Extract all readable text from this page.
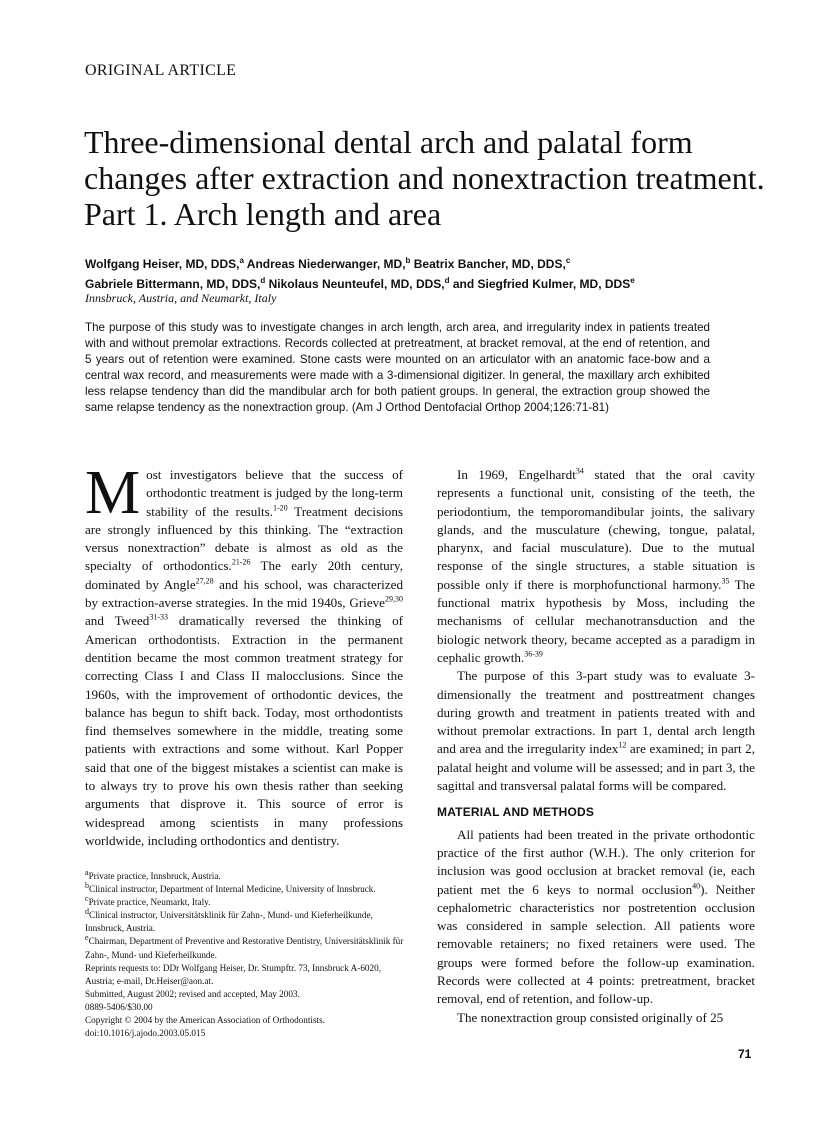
ORIGINAL ARTICLE
Three-dimensional dental arch and palatal form changes after extraction and nonextraction treatment. Part 1. Arch length and area
Wolfgang Heiser, MD, DDS,$^a$ Andreas Niederwanger, MD,$^b$ Beatrix Bancher, MD, DDS,$^c$
Gabriele Bittermann, MD, DDS,$^d$ Nikolaus Neunteufel, MD, DDS,$^d$ and Siegfried Kulmer, MD, DDS$^e$
Innsbruck, Austria, and Neumarkt, Italy
The purpose of this study was to investigate changes in arch length, arch area, and irregularity index in patients treated with and without premolar extractions. Records collected at pretreatment, at bracket removal, at the end of retention, and 5 years out of retention were examined. Stone casts were mounted on an articulator with an anatomic face-bow and a central wax record, and measurements were made with a 3-dimensional digitizer. In general, the maxillary arch exhibited less relapse tendency than did the mandibular arch for both patient groups. In general, the extraction group showed the same relapse tendency as the nonextraction group. (Am J Orthod Dentofacial Orthop 2004;126:71-81)

Most investigators believe that the success of orthodontic treatment is judged by the long-term stability of the results.$^{1-20}$ Treatment decisions are strongly influenced by this thinking. The “extraction versus nonextraction” debate is almost as old as the specialty of orthodontics.$^{21-26}$ The early 20th century, dominated by Angle$^{27,28}$ and his school, was characterized by extraction-averse strategies. In the mid 1940s, Grieve$^{29,30}$ and Tweed$^{31-33}$ dramatically reversed the thinking of American orthodontists. Extraction in the permanent dentition became the most common treatment strategy for correcting Class I and Class II malocclusions. Since the 1960s, with the improvement of orthodontic devices, the balance has begun to shift back. Today, most orthodontists find themselves somewhere in the middle, treating some patients with extractions and some without. Karl Popper said that one of the biggest mistakes a scientist can make is to always try to prove his own thesis rather than seeking arguments that disprove it. This source of error is widespread among scientists in many professions worldwide, including orthodontics and dentistry.

In 1969, Engelhardt$^{34}$ stated that the oral cavity represents a functional unit, consisting of the teeth, the periodontium, the temporomandibular joints, the salivary glands, and the musculature (chewing, tongue, palatal, pharynx, and facial musculature). Due to the mutual response of the single structures, a stable situation is possible only if there is morphofunctional harmony.$^{35}$ The functional matrix hypothesis by Moss, including the mechanisms of cellular mechanotransduction and the biologic network theory, became accepted as a paradigm in cephalic growth.$^{36-39}$

The purpose of this 3-part study was to evaluate 3-dimensionally the treatment and posttreatment changes during growth and treatment in patients treated with and without premolar extractions. In part 1, dental arch length and area and the irregularity index$^{12}$ are examined; in part 2, palatal height and volume will be assessed; and in part 3, the sagittal and transversal palatal forms will be compared.

MATERIAL AND METHODS

All patients had been treated in the private orthodontic practice of the first author (W.H.). The only criterion for inclusion was good occlusion at bracket removal (ie, each patient met the 6 keys to normal occlusion$^{40}$). Neither cephalometric characteristics nor postretention occlusion was considered in sample selection. All patients wore removable retainers; no fixed retainers were used. The groups were formed before the follow-up examination. Records were collected at 4 points: pretreatment, bracket removal, end of retention, and follow-up.

The nonextraction group consisted originally of 25

$^a$Private practice, Innsbruck, Austria.
$^b$Clinical instructor, Department of Internal Medicine, University of Innsbruck.
$^c$Private practice, Neumarkt, Italy.
$^d$Clinical instructor, Universitätsklinik für Zahn-, Mund- und Kieferheilkunde, Innsbruck, Austria.
$^e$Chairman, Department of Preventive and Restorative Dentistry, Universitätsklinik für Zahn-, Mund- und Kieferheilkunde.
Reprints requests to: DDr Wolfgang Heiser, Dr. Stumpftr. 73, Innsbruck A-6020, Austria; e-mail, Dr.Heiser@aon.at.
Submitted, August 2002; revised and accepted, May 2003.
0889-5406/$30.00
Copyright © 2004 by the American Association of Orthodontists.
doi:10.1016/j.ajodo.2003.05.015
71
